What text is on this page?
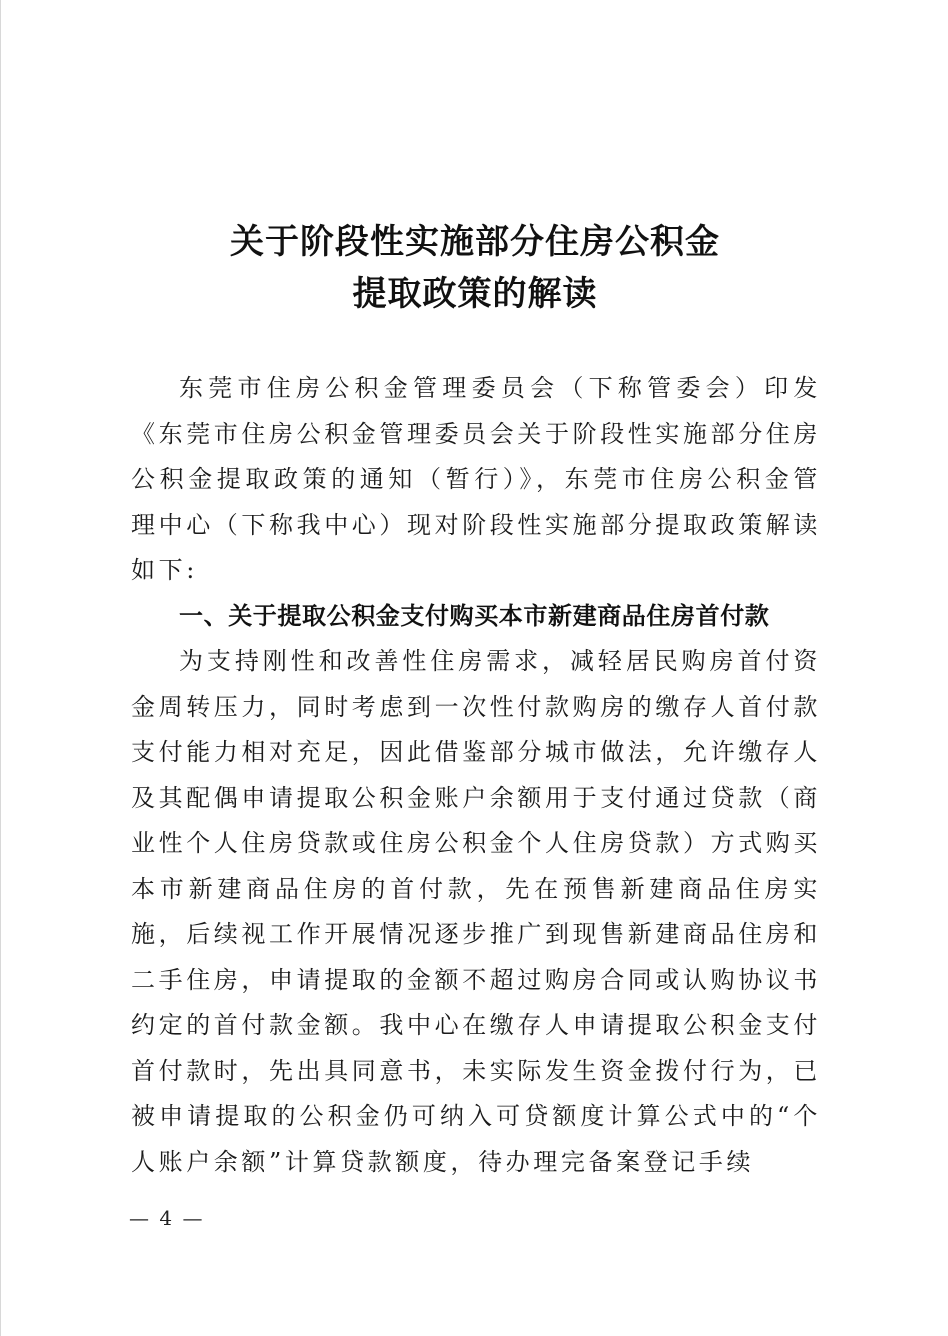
关于阶段性实施部分住房公积金
提取政策的解读

东莞市住房公积金管理委员会（下称管委会）印发《东莞市住房公积金管理委员会关于阶段性实施部分住房公积金提取政策的通知（暂行）》，东莞市住房公积金管理中心（下称我中心）现对阶段性实施部分提取政策解读如下:

一、关于提取公积金支付购买本市新建商品住房首付款

为支持刚性和改善性住房需求，减轻居民购房首付资金周转压力，同时考虑到一次性付款购房的缴存人首付款支付能力相对充足，因此借鉴部分城市做法，允许缴存人及其配偶申请提取公积金账户余额用于支付通过贷款（商业性个人住房贷款或住房公积金个人住房贷款）方式购买本市新建商品住房的首付款，先在预售新建商品住房实施，后续视工作开展情况逐步推广到现售新建商品住房和二手住房，申请提取的金额不超过购房合同或认购协议书约定的首付款金额。我中心在缴存人申请提取公积金支付首付款时，先出具同意书，未实际发生资金拨付行为，已被申请提取的公积金仍可纳入可贷额度计算公式中的“个人账户余额”计算贷款额度，待办理完备案登记手续

— 4 —
